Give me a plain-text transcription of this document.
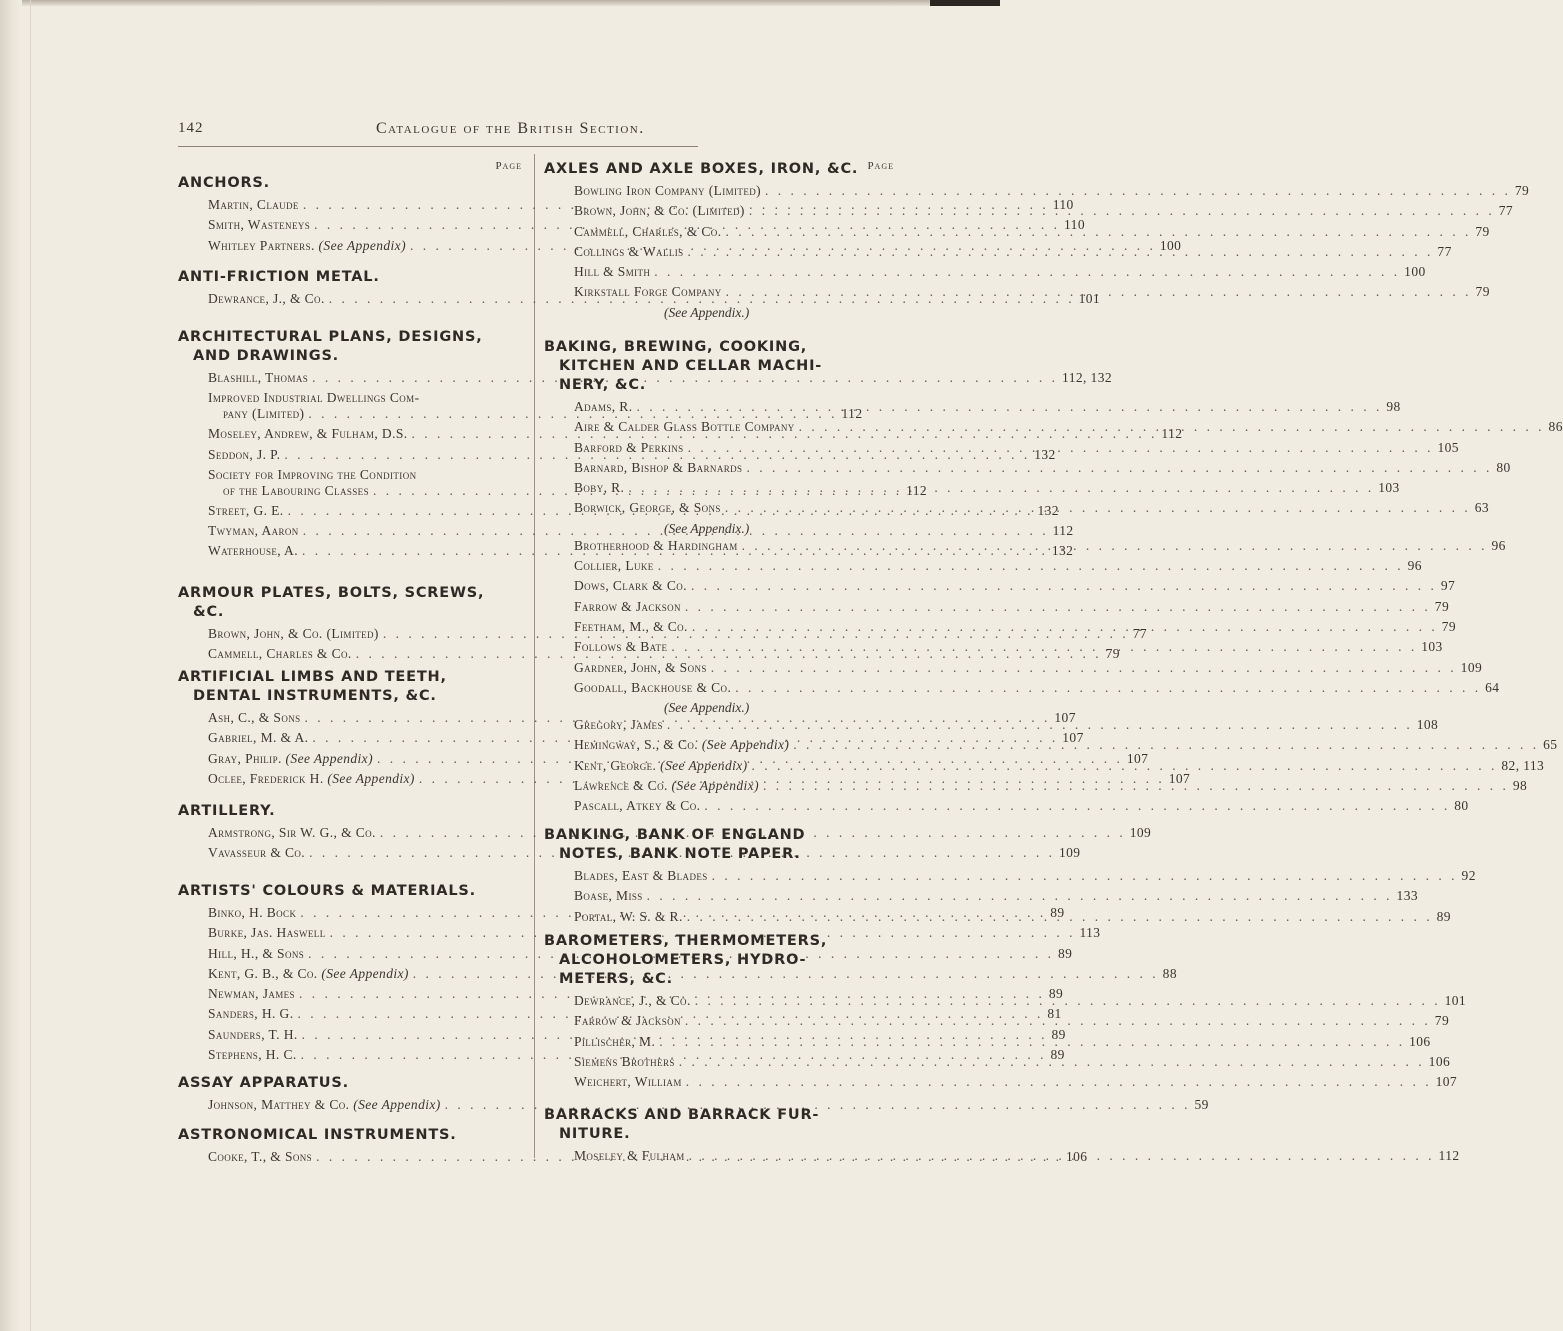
142	Catalogue of the British Section.
Page
ANCHORS.
Martin, Claude . . .	110
Smith, Wasteneys . . .	110
Whitley Partners. (See Appendix) . . .	100
ANTI-FRICTION METAL.
Dewrance, J., & Co. . . .	101
ARCHITECTURAL PLANS, DESIGNS,
AND DRAWINGS.
Blashill, Thomas . . .	112, 132
Improved Industrial Dwellings Com-
pany (Limited) . . .	112
Moseley, Andrew, & Fulham, D.S. . . .	112
Seddon, J. P. . . .	132
Society for Improving the Condition
of the Labouring Classes . . .	112
Street, G. E. . . .	132
Twyman, Aaron . . .	112
Waterhouse, A. . . .	132
ARMOUR PLATES, BOLTS, SCREWS,
&C.
Brown, John, & Co. (Limited) . . .	77
Cammell, Charles & Co. . . .	79
ARTIFICIAL LIMBS AND TEETH,
DENTAL INSTRUMENTS, &C.
Ash, C., & Sons . . .	107
Gabriel, M. & A. . . .	107
Gray, Philip. (See Appendix) . . .	107
Oclee, Frederick H. (See Appendix) . . .	107
ARTILLERY.
Armstrong, Sir W. G., & Co. . . .	109
Vavasseur & Co. . . .	109
ARTISTS' COLOURS & MATERIALS.
Binko, H. Bock . . .	89
Burke, Jas. Haswell . . .	113
Hill, H., & Sons . . .	89
Kent, G. B., & Co. (See Appendix) . . .	88
Newman, James . . .	89
Sanders, H. G. . . .	81
Saunders, T. H. . . .	89
Stephens, H. C. . . .	89
ASSAY APPARATUS.
Johnson, Matthey & Co. (See Appendix) . . .	59
ASTRONOMICAL INSTRUMENTS.
Cooke, T., & Sons . . .	106
Page
AXLES AND AXLE BOXES, IRON, &C.
Bowling Iron Company (Limited) . . .	79
Brown, John, & Co. (Limited) . . .	77
Cammell, Charles, & Co. . . .	79
Collings & Wallis . . .	77
Hill & Smith . . .	100
Kirkstall Forge Company . . .	79
(See Appendix.)
BAKING, BREWING, COOKING,
KITCHEN AND CELLAR MACHI-
NERY, &C.
Adams, R. . . .	98
Aire & Calder Glass Bottle Company . . .	86
Barford & Perkins . . .	105
Barnard, Bishop & Barnards . . .	80
Boby, R. . . .	103
Borwick, George, & Sons . . .	63
(See Appendix.)
Brotherhood & Hardingham . . .	96
Collier, Luke . . .	96
Dows, Clark & Co. . . .	97
Farrow & Jackson . . .	79
Feetham, M., & Co. . . .	79
Follows & Bate . . .	103
Gardner, John, & Sons . . .	109
Goodall, Backhouse & Co. . . .	64
(See Appendix.)
Gregory, James . . .	108
Hemingway, S., & Co. (See Appendix) . . .	65
Kent, George. (See Appendix) . . .	82, 113
Lawrence & Co. (See Appendix) . . .	98
Pascall, Atkey & Co. . . .	80
BANKING, BANK OF ENGLAND
NOTES, BANK NOTE PAPER.
Blades, East & Blades . . .	92
Boase, Miss . . .	133
Portal, W. S. & R. . . .	89
BAROMETERS, THERMOMETERS,
ALCOHOLOMETERS, HYDRO-
METERS, &C.
Dewrance, J., & Co. . . .	101
Farrow & Jackson . . .	79
Pillischer, M. . . .	106
Siemens Brothers . . .	106
Weichert, William . . .	107
BARRACKS AND BARRACK FUR-
NITURE.
Moseley & Fulham . . .	112
